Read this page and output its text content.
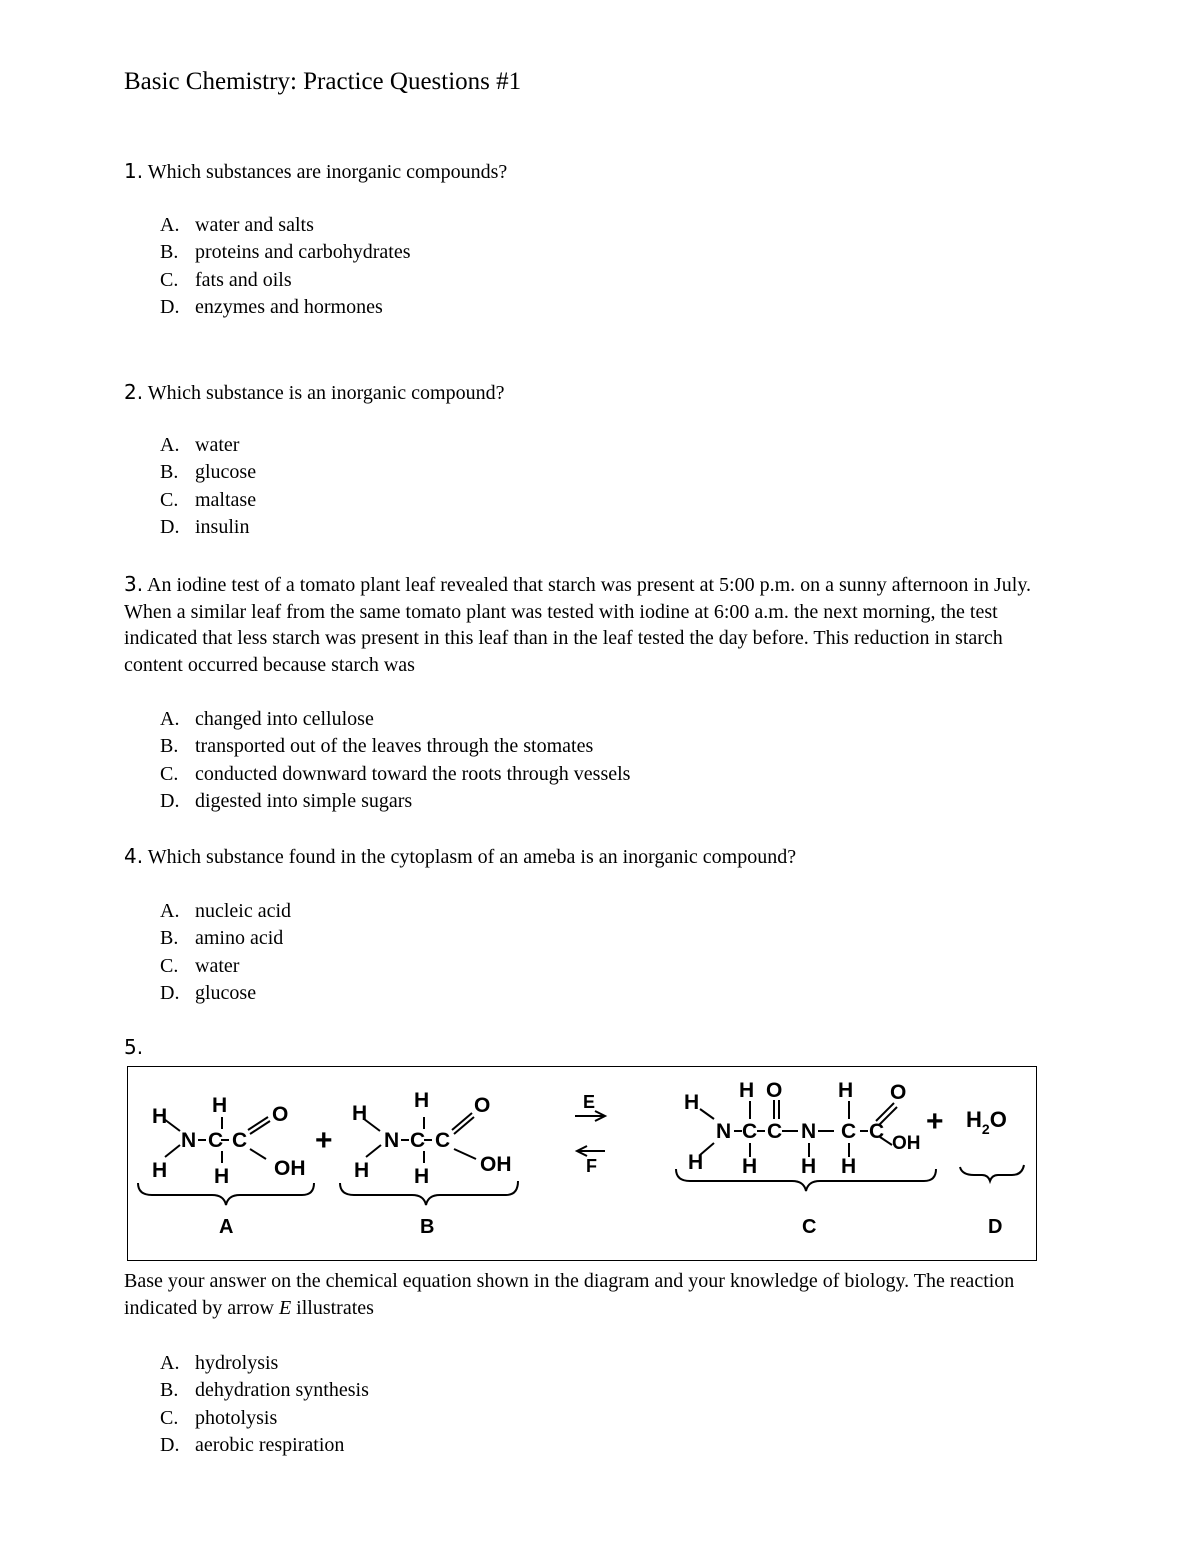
Basic Chemistry: Practice Questions #1
1. Which substances are inorganic compounds?
A. water and salts
B. proteins and carbohydrates
C. fats and oils
D. enzymes and hormones
2. Which substance is an inorganic compound?
A. water
B. glucose
C. maltase
D. insulin
3. An iodine test of a tomato plant leaf revealed that starch was present at 5:00 p.m. on a sunny afternoon in July. When a similar leaf from the same tomato plant was tested with iodine at 6:00 a.m. the next morning, the test indicated that less starch was present in this leaf than in the leaf tested the day before. This reduction in starch content occurred because starch was
A. changed into cellulose
B. transported out of the leaves through the stomates
C. conducted downward toward the roots through vessels
D. digested into simple sugars
4. Which substance found in the cytoplasm of an ameba is an inorganic compound?
A. nucleic acid
B. amino acid
C. water
D. glucose
5.
H H O
N C C
H H OH
+
H
H O
N C C
H H
OH
E
F
H
H O	H O
N C C N C C
OH
H H H H
+ $H_2O$
A	B	C	D
Base your answer on the chemical equation shown in the diagram and your knowledge of biology. The reaction indicated by arrow E illustrates
A. hydrolysis
B. dehydration synthesis
C. photolysis
D. aerobic respiration
